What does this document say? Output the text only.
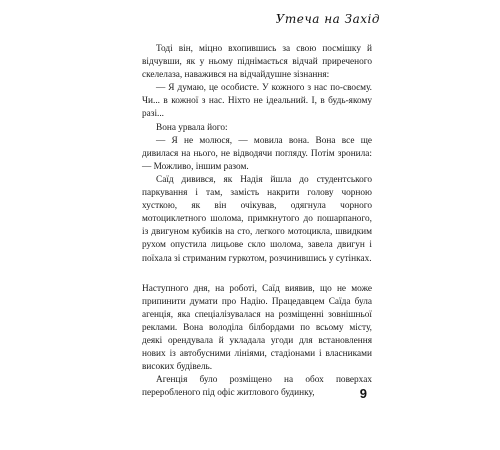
Утеча на Захід

Тоді він, міцно вхопившись за свою посмішку й відчувши, як у ньому піднімається відчай приреченого скелелаза, наважився на відчайдушне зізнання:

— Я думаю, це особисте. У кожного з нас по-своєму. Чи... в кожної з нас. Ніхто не ідеальний. І, в будь-якому разі...

Вона урвала його:

— Я не молюся, — мовила вона. Вона все ще дивилася на нього, не відводячи погляду. Потім зронила: — Можливо, іншим разом.

Саїд дивився, як Надія йшла до студентського паркування і там, замість накрити голову чорною хусткою, як він очікував, одягнула чорного мотоциклетного шолома, примкнутого до пошарпаного, із двигуном кубиків на сто, легкого мотоцикла, швидким рухом опустила лицьове скло шолома, завела двигун і поїхала зі стриманим гуркотом, розчинившись у сутінках.

Наступного дня, на роботі, Саїд виявив, що не може припинити думати про Надію. Працедавцем Саїда була агенція, яка спеціалізувалася на розміщенні зовнішньої реклами. Вона володіла білбордами по всьому місту, деякі орендувала й укладала угоди для встановлення нових із автобусними лініями, стадіонами і власниками високих будівель.

Агенція було розміщено на обох поверхах переробленого під офіс житлового будинку,	9
